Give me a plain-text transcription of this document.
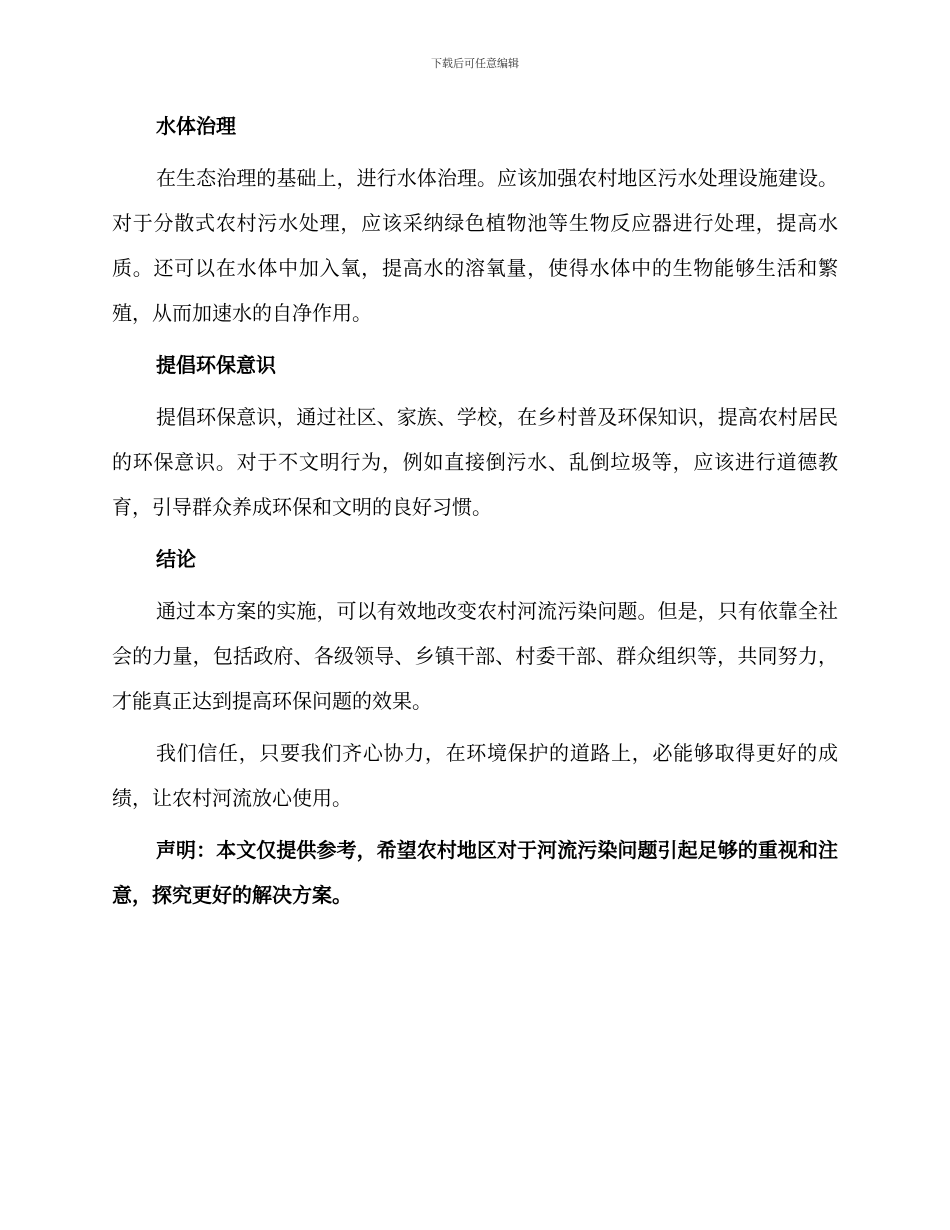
下载后可任意编辑
水体治理

在生态治理的基础上，进行水体治理。应该加强农村地区污水处理设施建设。对于分散式农村污水处理，应该采纳绿色植物池等生物反应器进行处理，提高水质。还可以在水体中加入氧，提高水的溶氧量，使得水体中的生物能够生活和繁殖，从而加速水的自净作用。

提倡环保意识

提倡环保意识，通过社区、家族、学校，在乡村普及环保知识，提高农村居民的环保意识。对于不文明行为，例如直接倒污水、乱倒垃圾等，应该进行道德教育，引导群众养成环保和文明的良好习惯。

结论

通过本方案的实施，可以有效地改变农村河流污染问题。但是，只有依靠全社会的力量，包括政府、各级领导、乡镇干部、村委干部、群众组织等，共同努力，才能真正达到提高环保问题的效果。

我们信任，只要我们齐心协力，在环境保护的道路上，必能够取得更好的成绩，让农村河流放心使用。

声明：本文仅提供参考，希望农村地区对于河流污染问题引起足够的重视和注意，探究更好的解决方案。
